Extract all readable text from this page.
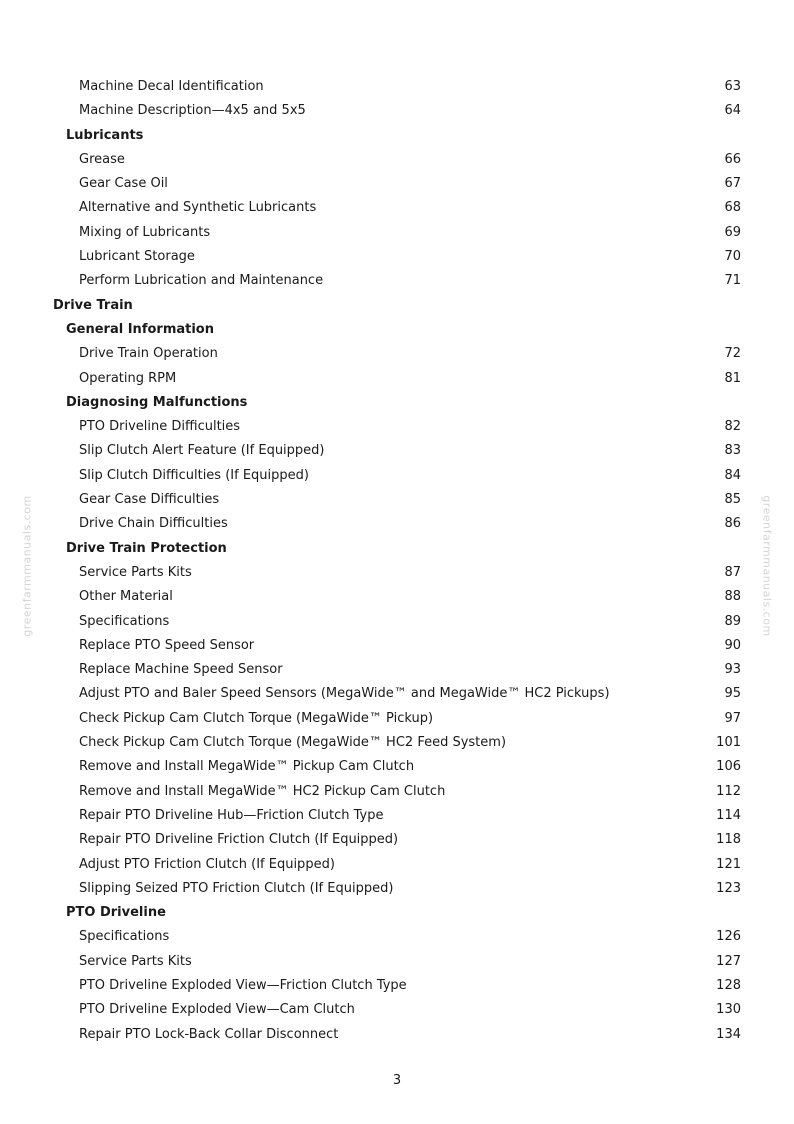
Machine Decal Identification	63
Machine Description—4x5 and 5x5	64
Lubricants
Grease	66
Gear Case Oil	67
Alternative and Synthetic Lubricants	68
Mixing of Lubricants	69
Lubricant Storage	70
Perform Lubrication and Maintenance	71
Drive Train
General Information
Drive Train Operation	72
Operating RPM	81
Diagnosing Malfunctions
PTO Driveline Difficulties	82
Slip Clutch Alert Feature (If Equipped)	83
Slip Clutch Difficulties (If Equipped)	84
Gear Case Difficulties	85
Drive Chain Difficulties	86
Drive Train Protection
Service Parts Kits	87
Other Material	88
Specifications	89
Replace PTO Speed Sensor	90
Replace Machine Speed Sensor	93
Adjust PTO and Baler Speed Sensors (MegaWide™ and MegaWide™ HC2 Pickups)	95
Check Pickup Cam Clutch Torque (MegaWide™ Pickup)	97
Check Pickup Cam Clutch Torque (MegaWide™ HC2 Feed System)	101
Remove and Install MegaWide™ Pickup Cam Clutch	106
Remove and Install MegaWide™ HC2 Pickup Cam Clutch	112
Repair PTO Driveline Hub—Friction Clutch Type	114
Repair PTO Driveline Friction Clutch (If Equipped)	118
Adjust PTO Friction Clutch (If Equipped)	121
Slipping Seized PTO Friction Clutch (If Equipped)	123
PTO Driveline
Specifications	126
Service Parts Kits	127
PTO Driveline Exploded View—Friction Clutch Type	128
PTO Driveline Exploded View—Cam Clutch	130
Repair PTO Lock-Back Collar Disconnect	134
greenfarmmanuals.com	greenfarmmanuals.com
3
